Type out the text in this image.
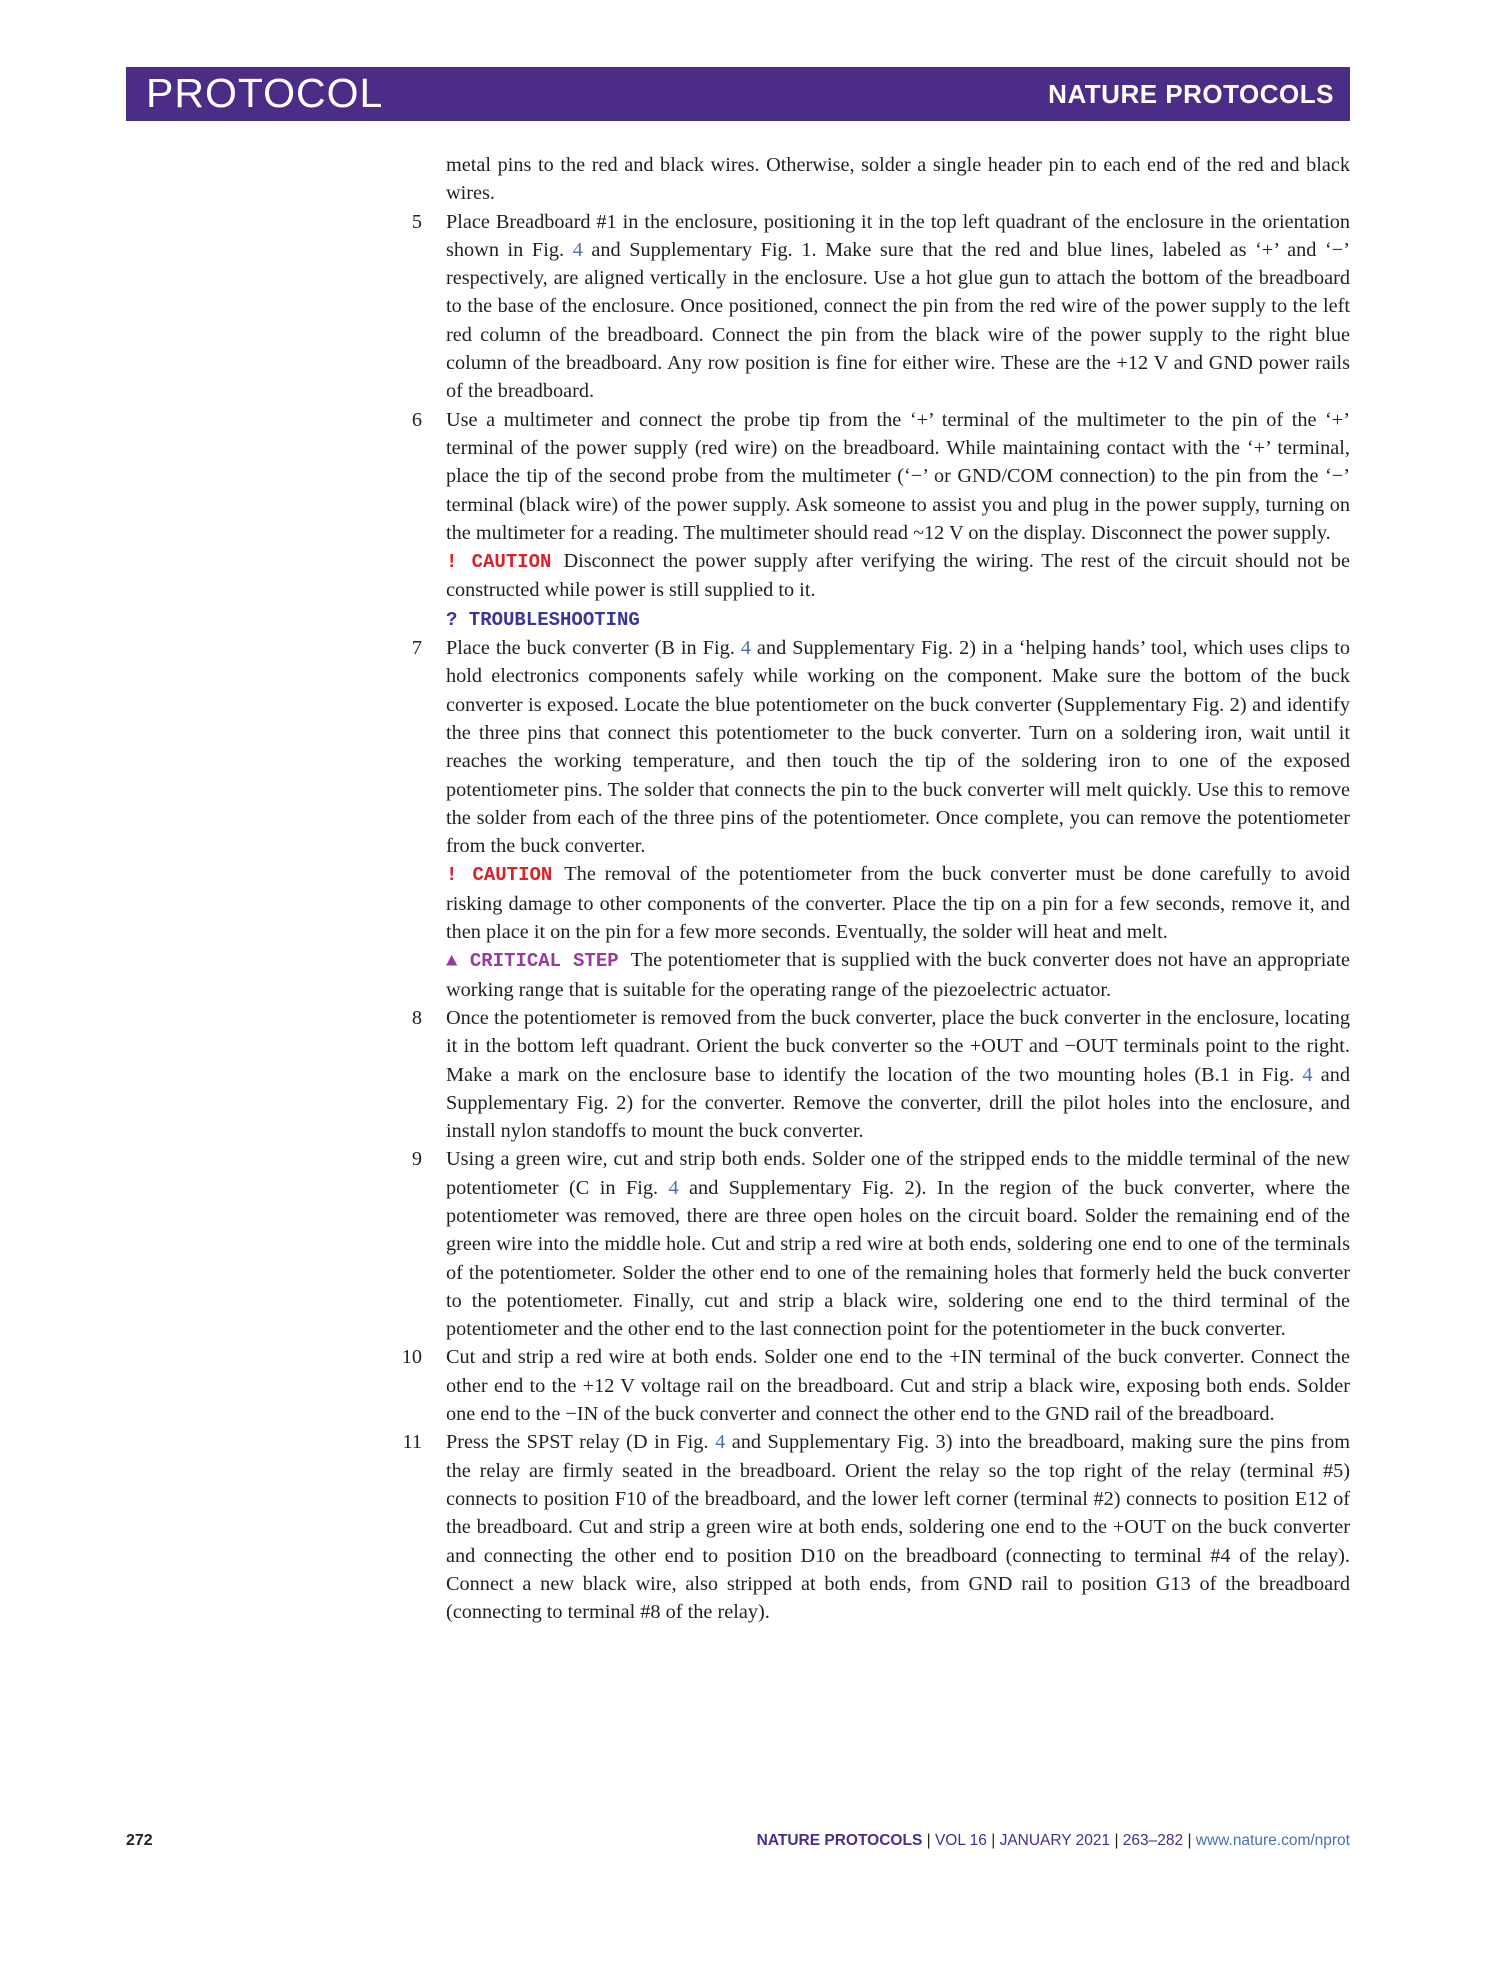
PROTOCOL	NATURE PROTOCOLS
metal pins to the red and black wires. Otherwise, solder a single header pin to each end of the red and black wires.
5 Place Breadboard #1 in the enclosure, positioning it in the top left quadrant of the enclosure in the orientation shown in Fig. 4 and Supplementary Fig. 1. Make sure that the red and blue lines, labeled as ‘+’ and ‘−’ respectively, are aligned vertically in the enclosure. Use a hot glue gun to attach the bottom of the breadboard to the base of the enclosure. Once positioned, connect the pin from the red wire of the power supply to the left red column of the breadboard. Connect the pin from the black wire of the power supply to the right blue column of the breadboard. Any row position is fine for either wire. These are the +12 V and GND power rails of the breadboard.
6 Use a multimeter and connect the probe tip from the ‘+’ terminal of the multimeter to the pin of the ‘+’ terminal of the power supply (red wire) on the breadboard. While maintaining contact with the ‘+’ terminal, place the tip of the second probe from the multimeter (‘−’ or GND/COM connection) to the pin from the ‘−’ terminal (black wire) of the power supply. Ask someone to assist you and plug in the power supply, turning on the multimeter for a reading. The multimeter should read ~12 V on the display. Disconnect the power supply.
! CAUTION Disconnect the power supply after verifying the wiring. The rest of the circuit should not be constructed while power is still supplied to it.
? TROUBLESHOOTING
7 Place the buck converter (B in Fig. 4 and Supplementary Fig. 2) in a ‘helping hands’ tool, which uses clips to hold electronics components safely while working on the component. Make sure the bottom of the buck converter is exposed. Locate the blue potentiometer on the buck converter (Supplementary Fig. 2) and identify the three pins that connect this potentiometer to the buck converter. Turn on a soldering iron, wait until it reaches the working temperature, and then touch the tip of the soldering iron to one of the exposed potentiometer pins. The solder that connects the pin to the buck converter will melt quickly. Use this to remove the solder from each of the three pins of the potentiometer. Once complete, you can remove the potentiometer from the buck converter.
! CAUTION The removal of the potentiometer from the buck converter must be done carefully to avoid risking damage to other components of the converter. Place the tip on a pin for a few seconds, remove it, and then place it on the pin for a few more seconds. Eventually, the solder will heat and melt.
▲ CRITICAL STEP The potentiometer that is supplied with the buck converter does not have an appropriate working range that is suitable for the operating range of the piezoelectric actuator.
8 Once the potentiometer is removed from the buck converter, place the buck converter in the enclosure, locating it in the bottom left quadrant. Orient the buck converter so the +OUT and −OUT terminals point to the right. Make a mark on the enclosure base to identify the location of the two mounting holes (B.1 in Fig. 4 and Supplementary Fig. 2) for the converter. Remove the converter, drill the pilot holes into the enclosure, and install nylon standoffs to mount the buck converter.
9 Using a green wire, cut and strip both ends. Solder one of the stripped ends to the middle terminal of the new potentiometer (C in Fig. 4 and Supplementary Fig. 2). In the region of the buck converter, where the potentiometer was removed, there are three open holes on the circuit board. Solder the remaining end of the green wire into the middle hole. Cut and strip a red wire at both ends, soldering one end to one of the terminals of the potentiometer. Solder the other end to one of the remaining holes that formerly held the buck converter to the potentiometer. Finally, cut and strip a black wire, soldering one end to the third terminal of the potentiometer and the other end to the last connection point for the potentiometer in the buck converter.
10 Cut and strip a red wire at both ends. Solder one end to the +IN terminal of the buck converter. Connect the other end to the +12 V voltage rail on the breadboard. Cut and strip a black wire, exposing both ends. Solder one end to the −IN of the buck converter and connect the other end to the GND rail of the breadboard.
11 Press the SPST relay (D in Fig. 4 and Supplementary Fig. 3) into the breadboard, making sure the pins from the relay are firmly seated in the breadboard. Orient the relay so the top right of the relay (terminal #5) connects to position F10 of the breadboard, and the lower left corner (terminal #2) connects to position E12 of the breadboard. Cut and strip a green wire at both ends, soldering one end to the +OUT on the buck converter and connecting the other end to position D10 on the breadboard (connecting to terminal #4 of the relay). Connect a new black wire, also stripped at both ends, from GND rail to position G13 of the breadboard (connecting to terminal #8 of the relay).
272	NATURE PROTOCOLS | VOL 16 | JANUARY 2021 | 263–282 | www.nature.com/nprot
